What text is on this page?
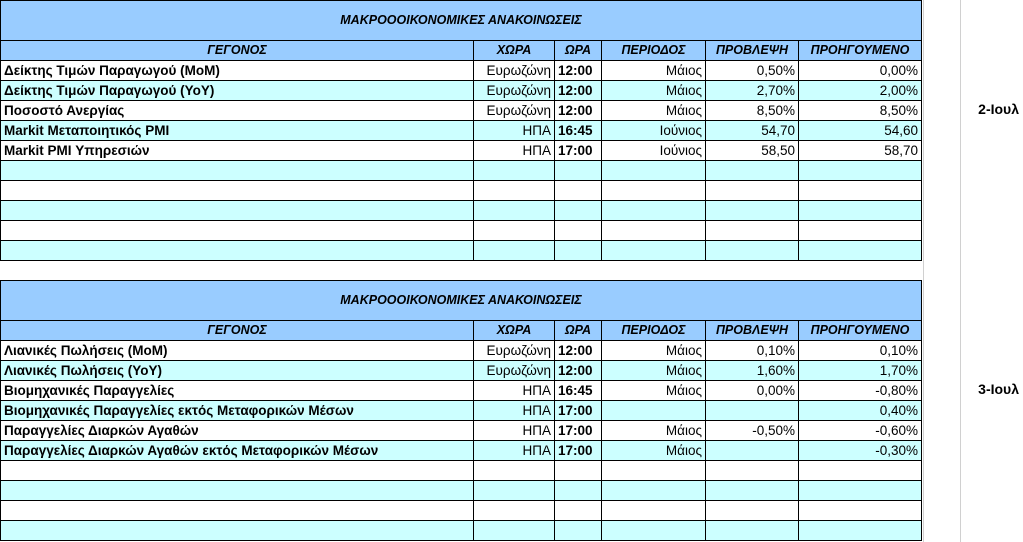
ΜΑΚΡΟΟΟΙΚΟΝΟΜΙΚΕΣ ΑΝΑΚΟΙΝΩΣΕΙΣ					
ΓΕΓΟΝΟΣ	ΧΩΡΑ	ΩΡΑ	ΠΕΡΙΟΔΟΣ	ΠΡΟΒΛΕΨΗ	ΠΡΟΗΓΟΥΜΕΝΟ
Δείκτης Τιμών Παραγωγού (MoM)	Ευρωζώνη	12:00	Μάιος	0,50%	0,00%
Δείκτης Τιμών Παραγωγού (YoY)	Ευρωζώνη	12:00	Μάιος	2,70%	2,00%
Ποσοστό Ανεργίας	Ευρωζώνη	12:00	Μάιος	8,50%	8,50%
Markit Μεταποιητικός PMI	ΗΠΑ	16:45	Ιούνιος	54,70	54,60
Markit PMI Υπηρεσιών	ΗΠΑ	17:00	Ιούνιος	58,50	58,70

2-Ιουλ
ΜΑΚΡΟΟΟΙΚΟΝΟΜΙΚΕΣ ΑΝΑΚΟΙΝΩΣΕΙΣ					
ΓΕΓΟΝΟΣ	ΧΩΡΑ	ΩΡΑ	ΠΕΡΙΟΔΟΣ	ΠΡΟΒΛΕΨΗ	ΠΡΟΗΓΟΥΜΕΝΟ
Λιανικές Πωλήσεις (MoM)	Ευρωζώνη	12:00	Μάιος	0,10%	0,10%
Λιανικές Πωλήσεις (YoY)	Ευρωζώνη	12:00	Μάιος	1,60%	1,70%
Βιομηχανικές Παραγγελίες	ΗΠΑ	16:45	Μάιος	0,00%	-0,80%
Βιομηχανικές Παραγγελίες εκτός Μεταφορικών Μέσων	ΗΠΑ	17:00			0,40%
Παραγγελίες Διαρκών Αγαθών	ΗΠΑ	17:00	Μάιος	-0,50%	-0,60%
Παραγγελίες Διαρκών Αγαθών εκτός Μεταφορικών Μέσων	ΗΠΑ	17:00	Μάιος		-0,30%

3-Ιουλ
